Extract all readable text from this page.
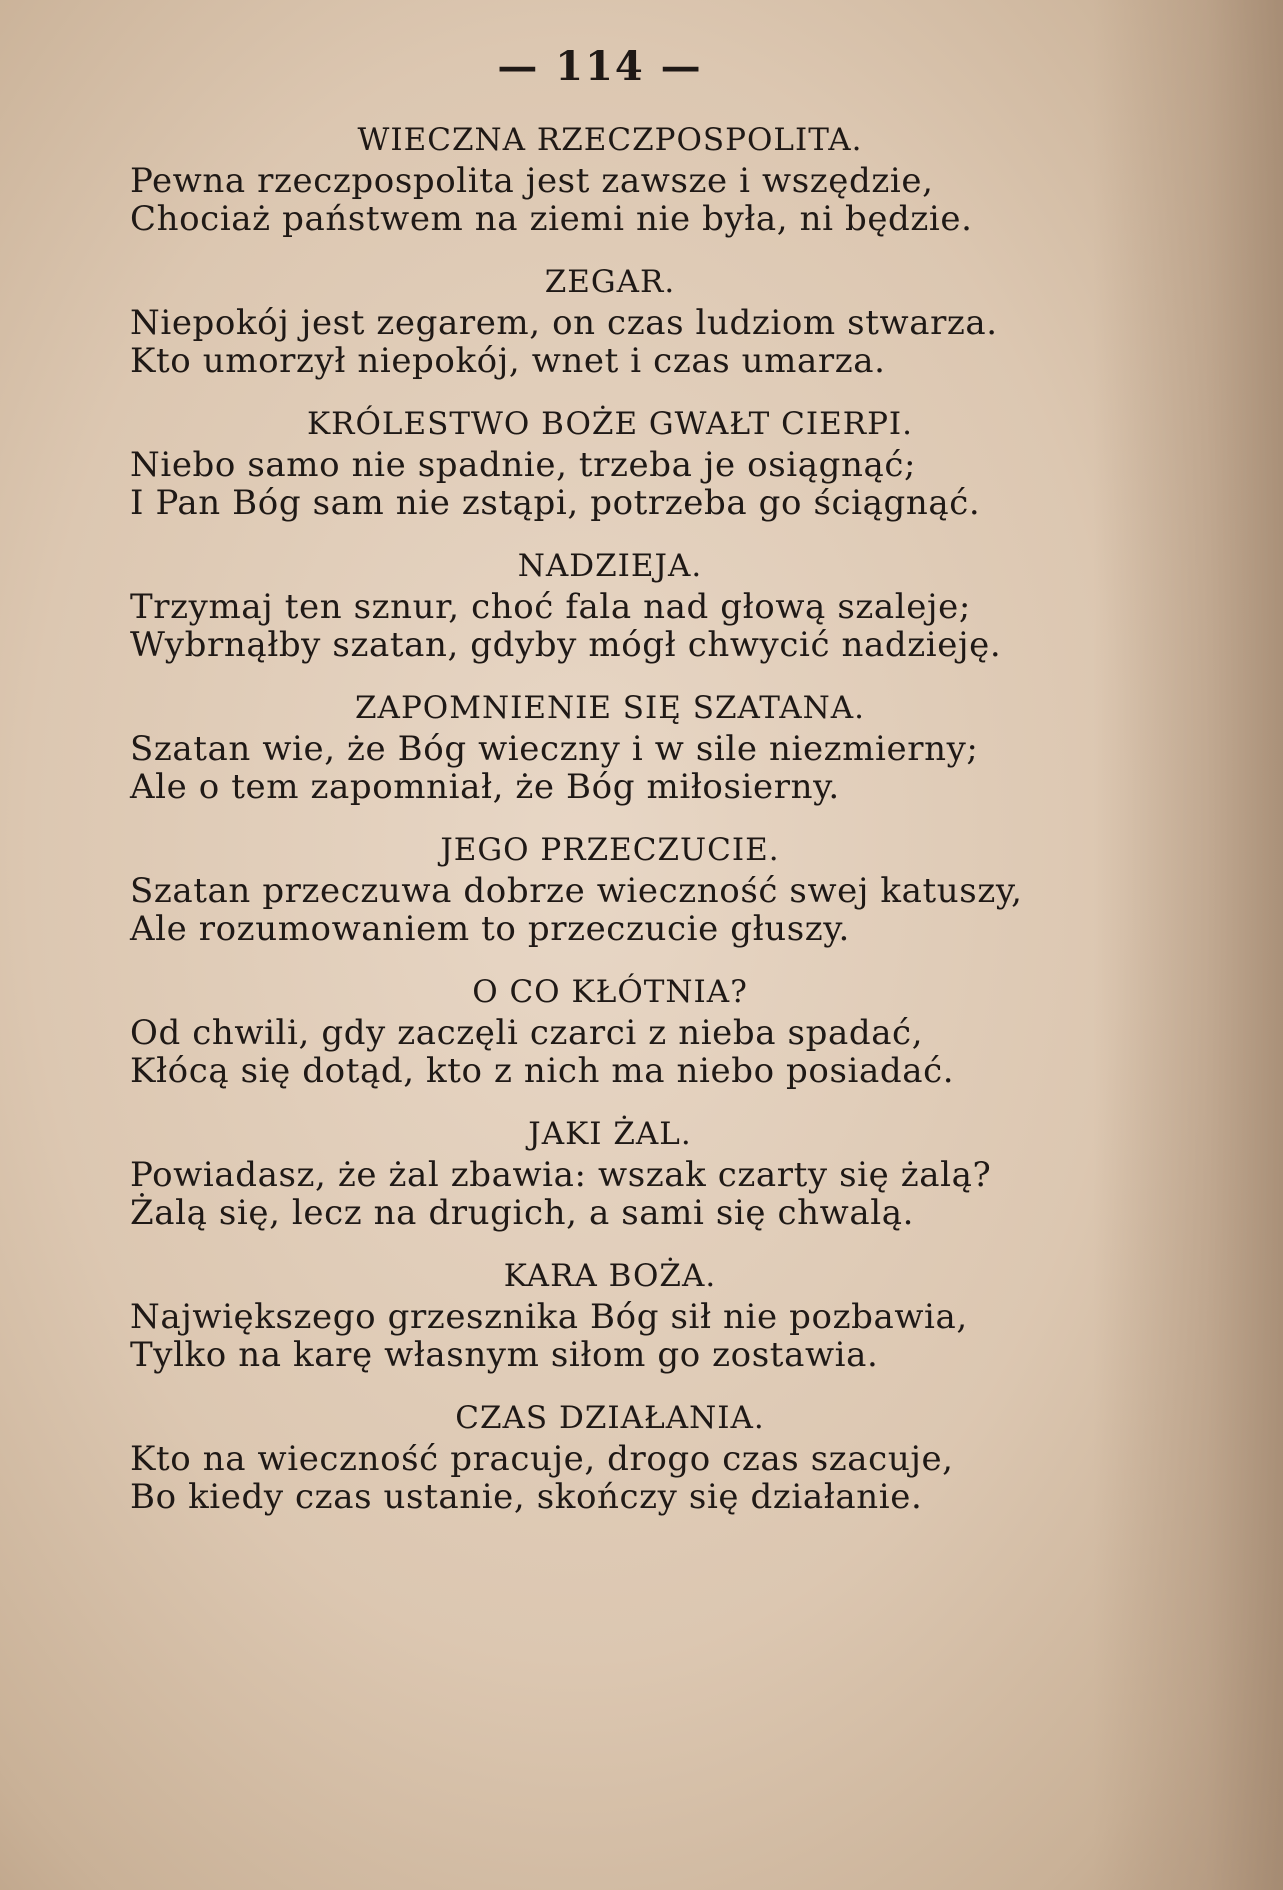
— 114 —
WIECZNA RZECZPOSPOLITA.
Pewna rzeczpospolita jest zawsze i wszędzie,
Chociaż państwem na ziemi nie była, ni będzie.
ZEGAR.
Niepokój jest zegarem, on czas ludziom stwarza.
Kto umorzył niepokój, wnet i czas umarza.
KRÓLESTWO BOŻE GWAŁT CIERPI.
Niebo samo nie spadnie, trzeba je osiągnąć;
I Pan Bóg sam nie zstąpi, potrzeba go ściągnąć.
NADZIEJA.
Trzymaj ten sznur, choć fala nad głową szaleje;
Wybrnąłby szatan, gdyby mógł chwycić nadzieję.
ZAPOMNIENIE SIĘ SZATANA.
Szatan wie, że Bóg wieczny i w sile niezmierny;
Ale o tem zapomniał, że Bóg miłosierny.
JEGO PRZECZUCIE.
Szatan przeczuwa dobrze wieczność swej katuszy,
Ale rozumowaniem to przeczucie głuszy.
O CO KŁÓTNIA?
Od chwili, gdy zaczęli czarci z nieba spadać,
Kłócą się dotąd, kto z nich ma niebo posiadać.
JAKI ŻAL.
Powiadasz, że żal zbawia: wszak czarty się żalą?
Żalą się, lecz na drugich, a sami się chwalą.
KARA BOŻA.
Największego grzesznika Bóg sił nie pozbawia,
Tylko na karę własnym siłom go zostawia.
CZAS DZIAŁANIA.
Kto na wieczność pracuje, drogo czas szacuje,
Bo kiedy czas ustanie, skończy się działanie.
